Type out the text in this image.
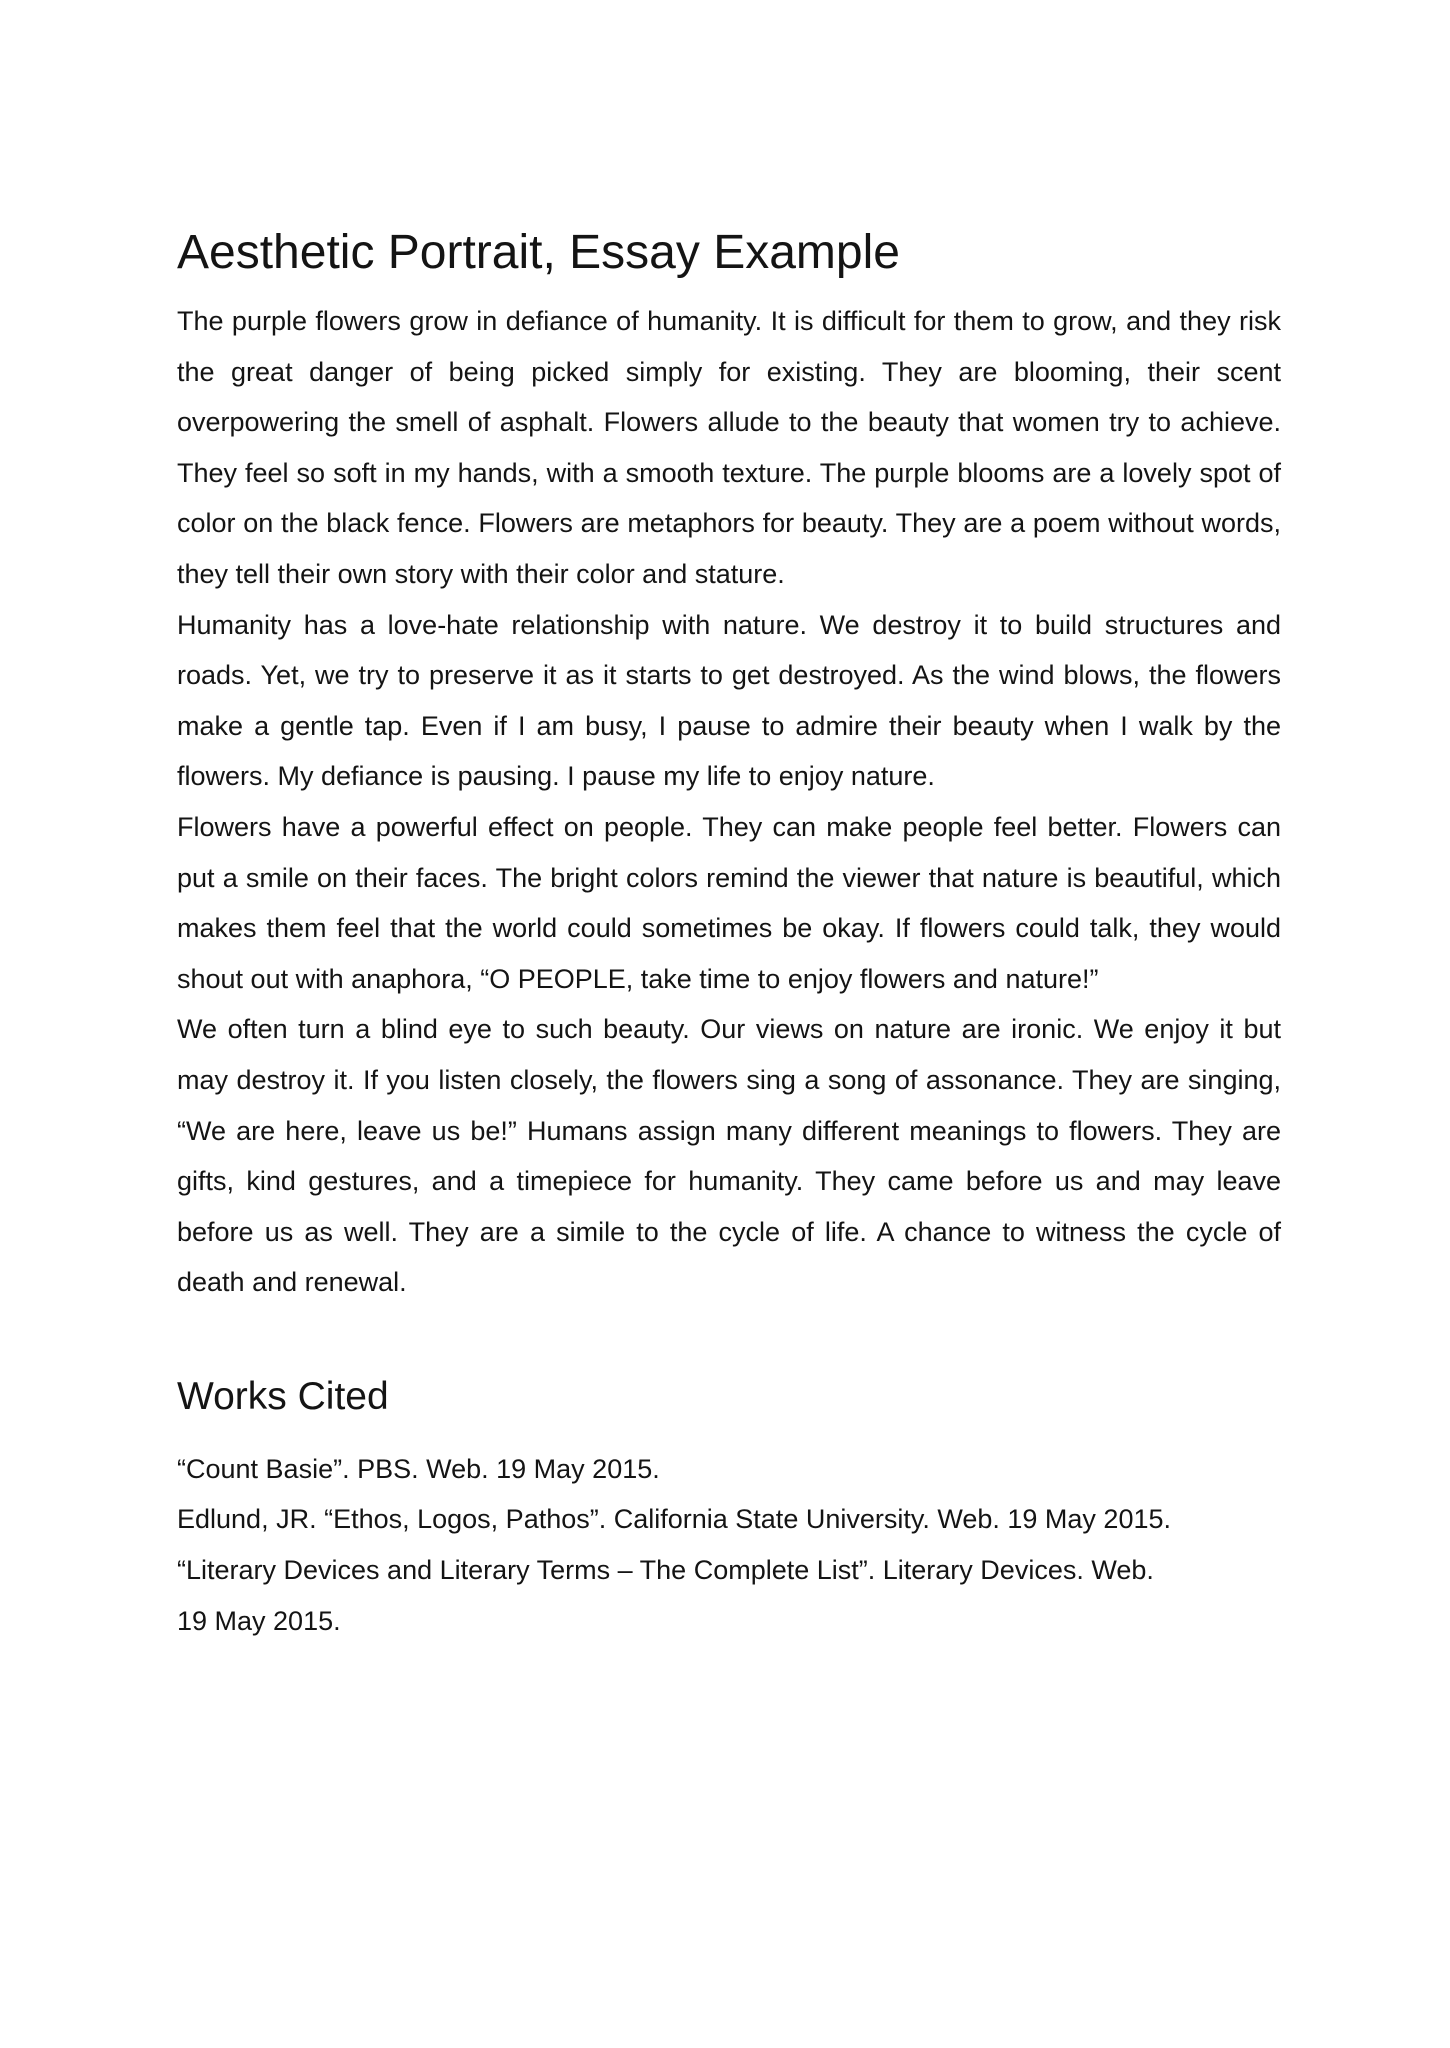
Aesthetic Portrait, Essay Example

The purple flowers grow in defiance of humanity. It is difficult for them to grow, and they risk the great danger of being picked simply for existing. They are blooming, their scent overpowering the smell of asphalt. Flowers allude to the beauty that women try to achieve. They feel so soft in my hands, with a smooth texture. The purple blooms are a lovely spot of color on the black fence. Flowers are metaphors for beauty. They are a poem without words, they tell their own story with their color and stature.

Humanity has a love-hate relationship with nature. We destroy it to build structures and roads. Yet, we try to preserve it as it starts to get destroyed. As the wind blows, the flowers make a gentle tap. Even if I am busy, I pause to admire their beauty when I walk by the flowers. My defiance is pausing. I pause my life to enjoy nature.

Flowers have a powerful effect on people. They can make people feel better. Flowers can put a smile on their faces. The bright colors remind the viewer that nature is beautiful, which makes them feel that the world could sometimes be okay. If flowers could talk, they would shout out with anaphora, “O PEOPLE, take time to enjoy flowers and nature!”

We often turn a blind eye to such beauty. Our views on nature are ironic. We enjoy it but may destroy it. If you listen closely, the flowers sing a song of assonance. They are singing, “We are here, leave us be!” Humans assign many different meanings to flowers. They are gifts, kind gestures, and a timepiece for humanity. They came before us and may leave before us as well. They are a simile to the cycle of life. A chance to witness the cycle of death and renewal.

Works Cited

“Count Basie”. PBS. Web. 19 May 2015.

Edlund, JR. “Ethos, Logos, Pathos”. California State University. Web. 19 May 2015.

“Literary Devices and Literary Terms – The Complete List”. Literary Devices. Web.

19 May 2015.
